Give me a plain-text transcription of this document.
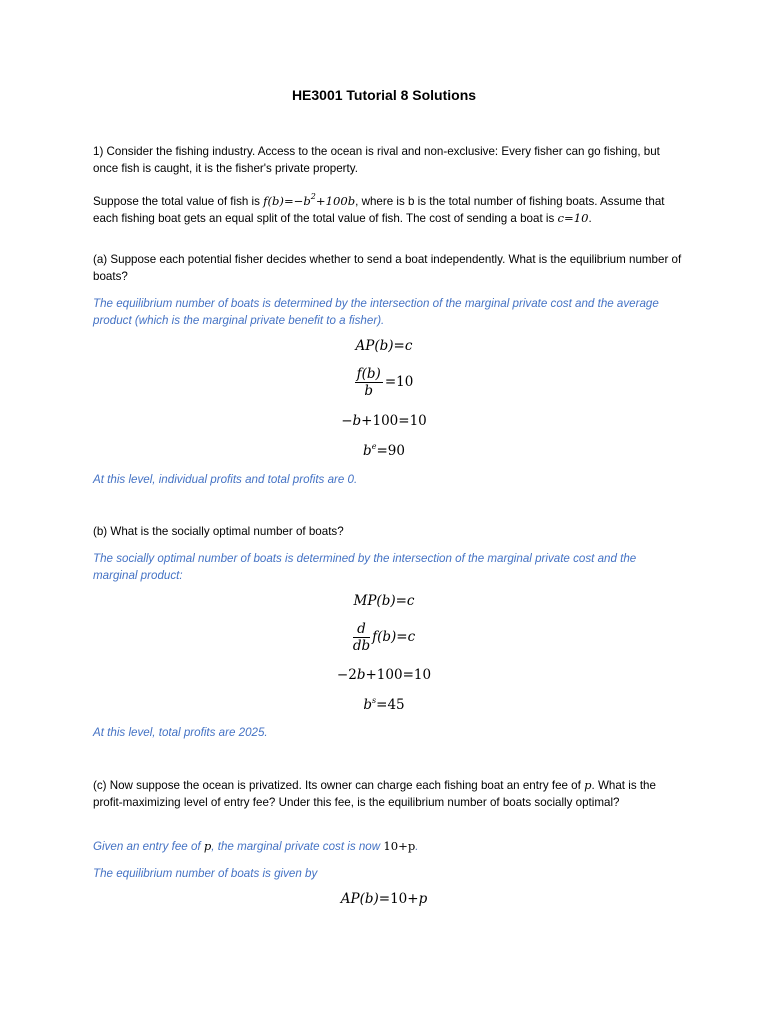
HE3001 Tutorial 8 Solutions
1) Consider the fishing industry. Access to the ocean is rival and non-exclusive: Every fisher can go fishing, but once fish is caught, it is the fisher's private property.
Suppose the total value of fish is $f(b)=-b^2+100b$, where is b is the total number of fishing boats. Assume that each fishing boat gets an equal split of the total value of fish. The cost of sending a boat is c=10.
(a) Suppose each potential fisher decides whether to send a boat independently. What is the equilibrium number of boats?
The equilibrium number of boats is determined by the intersection of the marginal private cost and the average product (which is the marginal private benefit to a fisher).
AP(b)=c
$\frac{f(b)}{b} =10$
−b+100=10
$b^e=90$
At this level, individual profits and total profits are 0.
(b) What is the socially optimal number of boats?
The socially optimal number of boats is determined by the intersection of the marginal private cost and the marginal product:
MP(b)=c
$\frac{d}{db} f(b)=c$
−2b+100=10
$b^s=45$
At this level, total profits are 2025.
(c) Now suppose the ocean is privatized. Its owner can charge each fishing boat an entry fee of p. What is the profit-maximizing level of entry fee? Under this fee, is the equilibrium number of boats socially optimal?
Given an entry fee of p, the marginal private cost is now 10+p.
The equilibrium number of boats is given by
AP(b)=10+p
